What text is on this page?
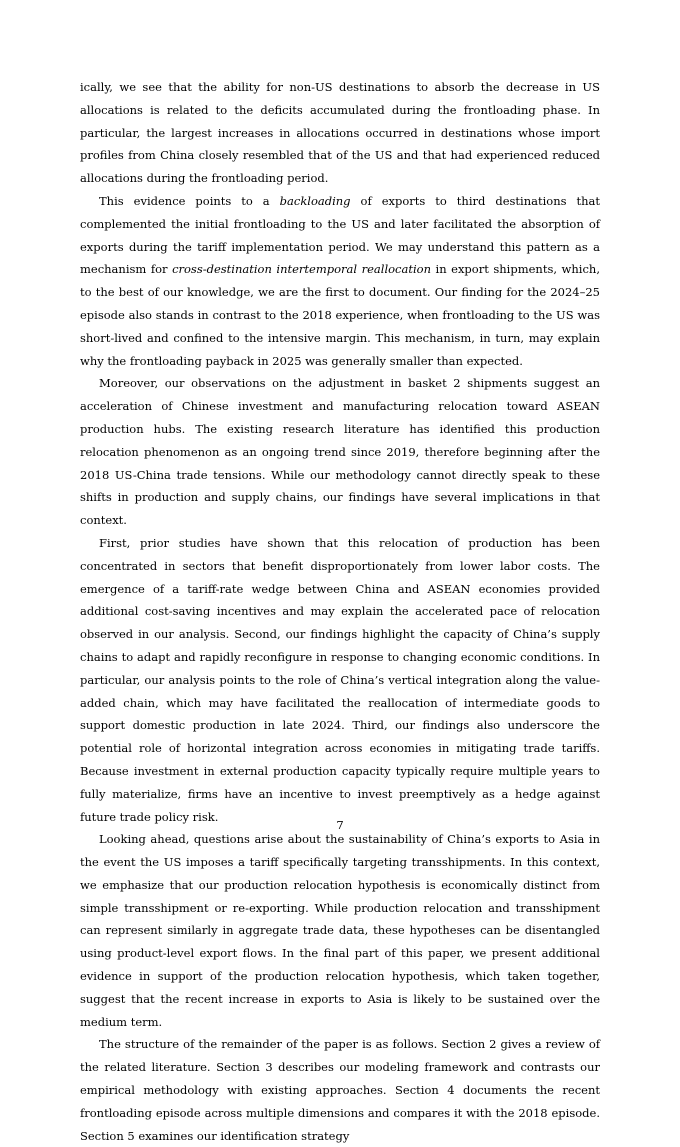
ically, we see that the ability for non-US destinations to absorb the decrease in US allocations is related to the deficits accumulated during the frontloading phase. In particular, the largest increases in allocations occurred in destinations whose import profiles from China closely resembled that of the US and that had experienced reduced allocations during the frontloading period.

This evidence points to a backloading of exports to third destinations that complemented the initial frontloading to the US and later facilitated the absorption of exports during the tariff implementation period. We may understand this pattern as a mechanism for cross-destination intertemporal reallocation in export shipments, which, to the best of our knowledge, we are the first to document. Our finding for the 2024–25 episode also stands in contrast to the 2018 experience, when frontloading to the US was short-lived and confined to the intensive margin. This mechanism, in turn, may explain why the frontloading payback in 2025 was generally smaller than expected.

Moreover, our observations on the adjustment in basket 2 shipments suggest an acceleration of Chinese investment and manufacturing relocation toward ASEAN production hubs. The existing research literature has identified this production relocation phenomenon as an ongoing trend since 2019, therefore beginning after the 2018 US-China trade tensions. While our methodology cannot directly speak to these shifts in production and supply chains, our findings have several implications in that context.

First, prior studies have shown that this relocation of production has been concentrated in sectors that benefit disproportionately from lower labor costs. The emergence of a tariff-rate wedge between China and ASEAN economies provided additional cost-saving incentives and may explain the accelerated pace of relocation observed in our analysis. Second, our findings highlight the capacity of China’s supply chains to adapt and rapidly reconfigure in response to changing economic conditions. In particular, our analysis points to the role of China’s vertical integration along the value-added chain, which may have facilitated the reallocation of intermediate goods to support domestic production in late 2024. Third, our findings also underscore the potential role of horizontal integration across economies in mitigating trade tariffs. Because investment in external production capacity typically require multiple years to fully materialize, firms have an incentive to invest preemptively as a hedge against future trade policy risk.

Looking ahead, questions arise about the sustainability of China’s exports to Asia in the event the US imposes a tariff specifically targeting transshipments. In this context, we emphasize that our production relocation hypothesis is economically distinct from simple transshipment or re-exporting. While production relocation and transshipment can represent similarly in aggregate trade data, these hypotheses can be disentangled using product-level export flows. In the final part of this paper, we present additional evidence in support of the production relocation hypothesis, which taken together, suggest that the recent increase in exports to Asia is likely to be sustained over the medium term.

The structure of the remainder of the paper is as follows. Section 2 gives a review of the related literature. Section 3 describes our modeling framework and contrasts our empirical methodology with existing approaches. Section 4 documents the recent frontloading episode across multiple dimensions and compares it with the 2018 episode. Section 5 examines our identification strategy

7
